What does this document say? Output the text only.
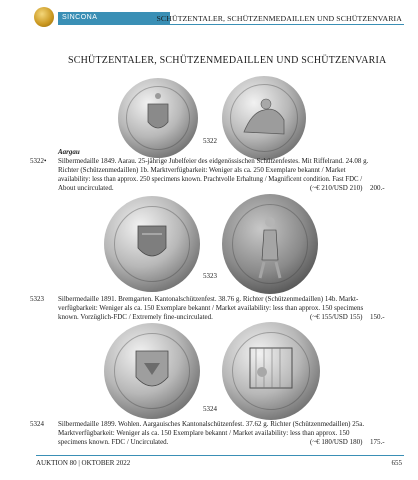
SINCONA	SCHÜTZENTALER, SCHÜTZENMEDAILLEN UND SCHÜTZENVARIA
SCHÜTZENTALER, SCHÜTZENMEDAILLEN UND SCHÜTZENVARIA
5322
Aargau
5322• Silbermedaille 1849. Aarau. 25-jährige Jubelfeier des eidgenössischen Schützenfestes. Mit Riffelrand. 24.08 g.
Richter (Schützenmedaillen) 1b. Marktverfügbarkeit: Weniger als ca. 250 Exemplare bekannt / Market
availability: less than approx. 250 specimens known. Prachtvolle Erhaltung / Magnificent condition. Fast FDC /
About uncirculated.	(~€ 210/USD 210) 200.-
5323
5323 Silbermedaille 1891. Bremgarten. Kantonalschützenfest. 38.76 g. Richter (Schützenmedaillen) 14b. Markt-
verfügbarkeit: Weniger als ca. 150 Exemplare bekannt / Market availability: less than approx. 150 specimens
known. Vorzüglich-FDC / Extremely fine-uncirculated.	(~€ 155/USD 155) 150.-
5324
5324 Silbermedaille 1899. Wohlen. Aargauisches Kantonalschützenfest. 37.62 g. Richter (Schützenmedaillen) 25a.
Marktverfügbarkeit: Weniger als ca. 150 Exemplare bekannt / Market availability: less than approx. 150
specimens known. FDC / Uncirculated.	(~€ 180/USD 180) 175.-
AUKTION 80 | OKTOBER 2022	655
